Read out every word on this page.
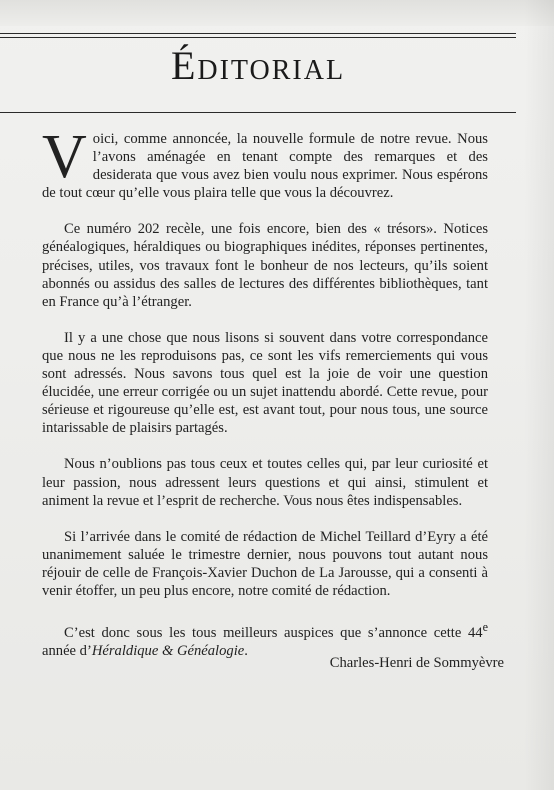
Éditorial

Voici, comme annoncée, la nouvelle formule de notre revue. Nous l’avons aménagée en tenant compte des remarques et des desiderata que vous avez bien voulu nous exprimer. Nous espérons de tout cœur qu’elle vous plaira telle que vous la découvrez.

Ce numéro 202 recèle, une fois encore, bien des « trésors». Notices généalogiques, héraldiques ou biographiques inédites, réponses pertinentes, précises, utiles, vos travaux font le bonheur de nos lecteurs, qu’ils soient abonnés ou assidus des salles de lectures des différentes bibliothèques, tant en France qu’à l’étranger.

Il y a une chose que nous lisons si souvent dans votre correspondance que nous ne les reproduisons pas, ce sont les vifs remerciements qui vous sont adressés. Nous savons tous quel est la joie de voir une question élucidée, une erreur corrigée ou un sujet inattendu abordé. Cette revue, pour sérieuse et rigoureuse qu’elle est, est avant tout, pour nous tous, une source intarissable de plaisirs partagés.

Nous n’oublions pas tous ceux et toutes celles qui, par leur curiosité et leur passion, nous adressent leurs questions et qui ainsi, stimulent et animent la revue et l’esprit de recherche. Vous nous êtes indispensables.

Si l’arrivée dans le comité de rédaction de Michel Teillard d’Eyry a été unanimement saluée le trimestre dernier, nous pouvons tout autant nous réjouir de celle de François-Xavier Duchon de La Jarousse, qui a consenti à venir étoffer, un peu plus encore, notre comité de rédaction.

C’est donc sous les tous meilleurs auspices que s’annonce cette 44e année d’Héraldique & Généalogie.

Charles-Henri de Sommyèvre
